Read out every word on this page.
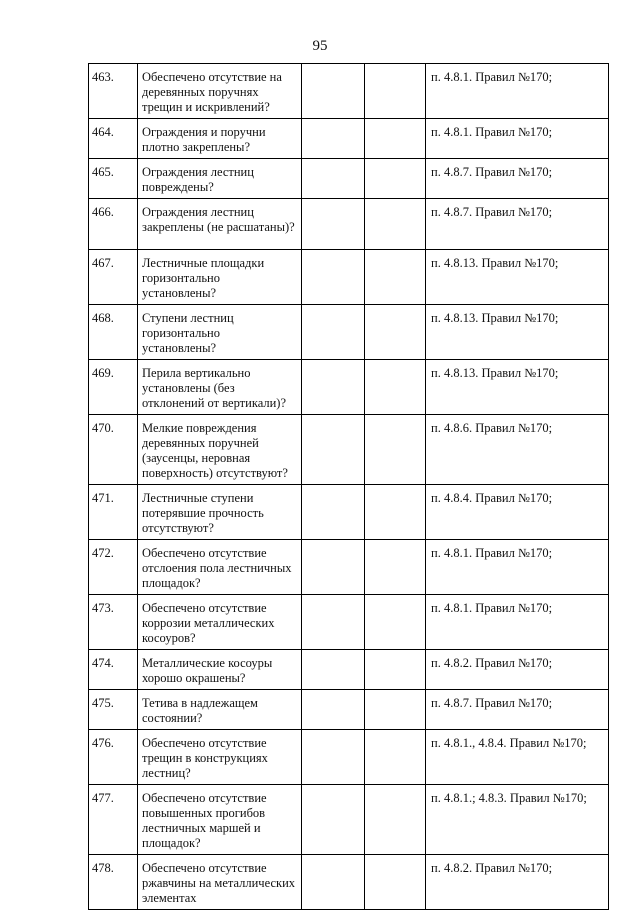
95
463.	Обеспечено отсутствие на деревянных поручнях трещин и искривлений?			п. 4.8.1. Правил №170;
464.	Ограждения и поручни плотно закреплены?			п. 4.8.1. Правил №170;
465.	Ограждения лестниц повреждены?			п. 4.8.7. Правил №170;
466.	Ограждения лестниц закреплены (не расшатаны)?			п. 4.8.7. Правил №170;
467.	Лестничные площадки горизонтально установлены?			п. 4.8.13. Правил №170;
468.	Ступени лестниц горизонтально установлены?			п. 4.8.13. Правил №170;
469.	Перила вертикально установлены (без отклонений от вертикали)?			п. 4.8.13. Правил №170;
470.	Мелкие повреждения деревянных поручней (заусенцы, неровная поверхность) отсутствуют?			п. 4.8.6. Правил №170;
471.	Лестничные ступени потерявшие прочность отсутствуют?			п. 4.8.4. Правил №170;
472.	Обеспечено отсутствие отслоения пола лестничных площадок?			п. 4.8.1. Правил №170;
473.	Обеспечено отсутствие коррозии металлических косоуров?			п. 4.8.1. Правил №170;
474.	Металлические косоуры хорошо окрашены?			п. 4.8.2. Правил №170;
475.	Тетива в надлежащем состоянии?			п. 4.8.7. Правил №170;
476.	Обеспечено отсутствие трещин в конструкциях лестниц?			п. 4.8.1., 4.8.4. Правил №170;
477.	Обеспечено отсутствие повышенных прогибов лестничных маршей и площадок?			п. 4.8.1.; 4.8.3. Правил №170;
478.	Обеспечено отсутствие ржавчины на металлических элементах			п. 4.8.2. Правил №170;
